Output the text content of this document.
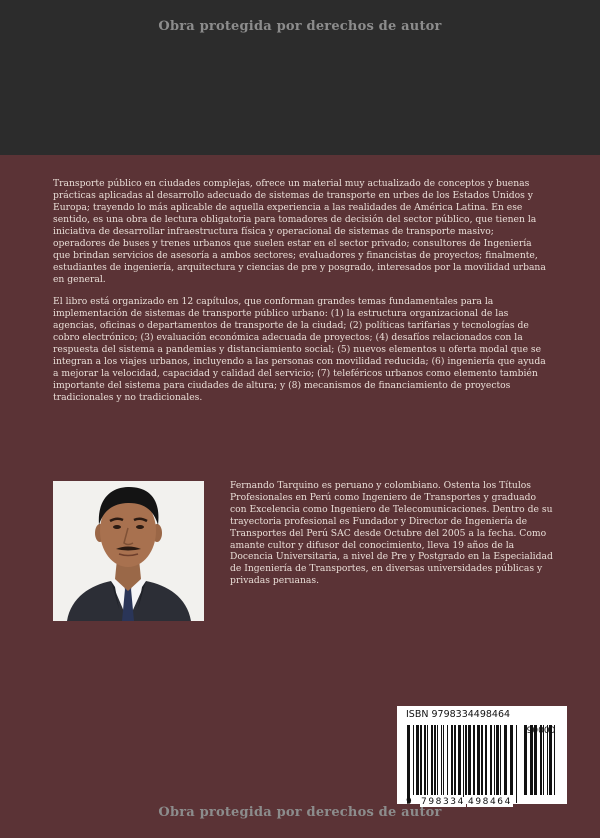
Obra protegida por derechos de autor

Transporte público en ciudades complejas, ofrece un material muy actualizado de conceptos y buenas prácticas aplicadas al desarrollo adecuado de sistemas de transporte en urbes de los Estados Unidos y Europa; trayendo lo más aplicable de aquella experiencia a las realidades de América Latina. En ese sentido, es una obra de lectura obligatoria para tomadores de decisión del sector público, que tienen la iniciativa de desarrollar infraestructura física y operacional de sistemas de transporte masivo; operadores de buses y trenes urbanos que suelen estar en el sector privado; consultores de Ingeniería que brindan servicios de asesoría a ambos sectores; evaluadores y financistas de proyectos; finalmente, estudiantes de ingeniería, arquitectura y ciencias de pre y posgrado, interesados por la movilidad urbana en general.

El libro está organizado en 12 capítulos, que conforman grandes temas fundamentales para la implementación de sistemas de transporte público urbano: (1) la estructura organizacional de las agencias, oficinas o departamentos de transporte de la ciudad; (2) políticas tarifarias y tecnologías de cobro electrónico; (3) evaluación económica adecuada de proyectos; (4) desafíos relacionados con la respuesta del sistema a pandemias y distanciamiento social; (5) nuevos elementos u oferta modal que se integran a los viajes urbanos, incluyendo a las personas con movilidad reducida; (6) ingeniería que ayuda a mejorar la velocidad, capacidad y calidad del servicio; (7) teleféricos urbanos como elemento también importante del sistema para ciudades de altura; y (8) mecanismos de financiamiento de proyectos tradicionales y no tradicionales.

Fernando Tarquino es peruano y colombiano. Ostenta los Títulos Profesionales en Perú como Ingeniero de Transportes y graduado con Excelencia como Ingeniero de Telecomunicaciones. Dentro de su trayectoria profesional es Fundador y Director de Ingeniería de Transportes del Perú SAC desde Octubre del 2005 a la fecha. Como amante cultor y difusor del conocimiento, lleva 19 años de la Docencia Universitaria, a nivel de Pre y Postgrado en la Especialidad de Ingeniería de Transportes, en diversas universidades públicas y privadas peruanas.

ISBN 9798334498464
90000
9 798334 498464
Obra protegida por derechos de autor
